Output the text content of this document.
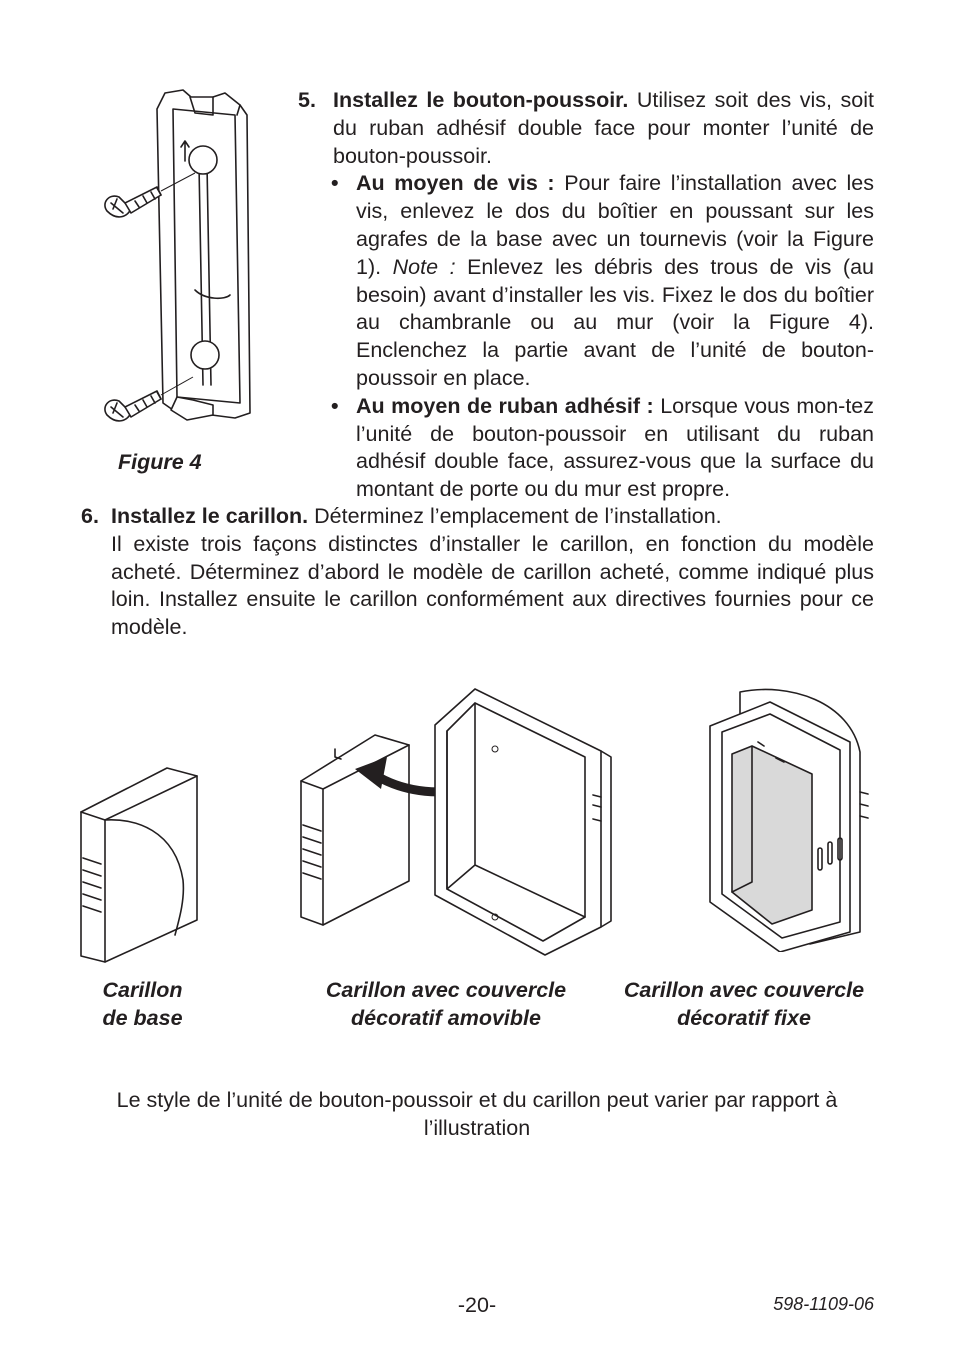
Figure 4
5. Installez le bouton-poussoir. Utilisez soit des vis, soit du ruban adhésif double face pour monter l’unité de bouton-poussoir.
• Au moyen de vis : Pour faire l’installation avec les vis, enlevez le dos du boîtier en poussant sur les agrafes de la base avec un tournevis (voir la Figure 1). Note : Enlevez les débris des trous de vis (au besoin) avant d’installer les vis. Fixez le dos du boîtier au chambranle ou au mur (voir la Figure 4). Enclenchez la partie avant de l’unité de bouton-poussoir en place.
• Au moyen de ruban adhésif : Lorsque vous mon-tez l’unité de bouton-poussoir en utilisant du ruban adhésif double face, assurez-vous que la surface du montant de porte ou du mur est propre.
6. Installez le carillon. Déterminez l’emplacement de l’installation.
Il existe trois façons distinctes d’installer le carillon, en fonction du modèle acheté. Déterminez d’abord le modèle de carillon acheté, comme indiqué plus loin. Installez ensuite le carillon conformément aux directives fournies pour ce modèle.
Carillon
de base
Carillon avec couvercle
décoratif amovible
Carillon avec couvercle
décoratif fixe
Le style de l’unité de bouton-poussoir et du carillon peut varier par rapport à
l’illustration
-20-	598-1109-06
